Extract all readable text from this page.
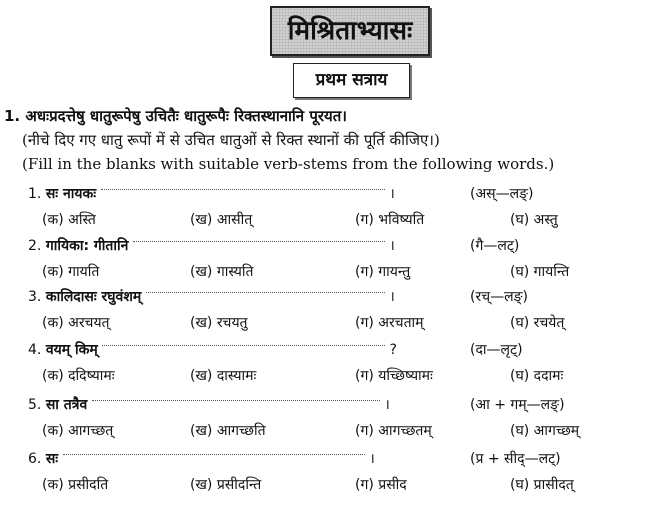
मिश्रिताभ्यासः
प्रथम सत्राय
1. अधःप्रदत्तेषु धातुरूपेषु उचितैः धातुरूपैः रिक्तस्थानानि पूरयत।
(नीचे दिए गए धातु रूपों में से उचित धातुओं से रिक्त स्थानों की पूर्ति कीजिए।)
(Fill in the blanks with suitable verb-stems from the following words.)
1. सः नायकः	।	(अस्—लङ्)
(क) अस्ति	(ख) आसीत्	(ग) भविष्यति	(घ) अस्तु
2. गायिका: गीतानि	।	(गै—लट्)
(क) गायति	(ख) गास्यति	(ग) गायन्तु	(घ) गायन्ति
3. कालिदासः रघुवंशम्	।	(रच्—लङ्)
(क) अरचयत्	(ख) रचयतु	(ग) अरचताम्	(घ) रचयेत्
4. वयम् किम्	?	(दा—लृट्)
(क) ददिष्यामः	(ख) दास्यामः	(ग) यच्छिष्यामः	(घ) ददामः
5. सा तत्रैव	।	(आ + गम्—लङ्)
(क) आगच्छत्	(ख) आगच्छति	(ग) आगच्छतम्	(घ) आगच्छम्
6. सः	।	(प्र + सीद्—लट्)
(क) प्रसीदति	(ख) प्रसीदन्ति	(ग) प्रसीद	(घ) प्रासीदत्
